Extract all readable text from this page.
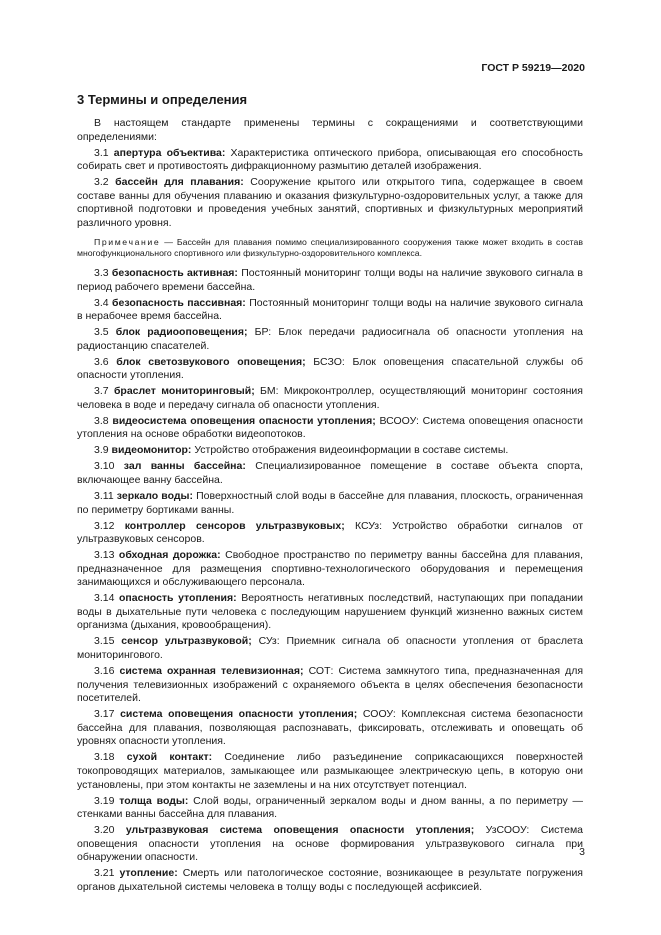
ГОСТ Р 59219—2020
3 Термины и определения

В настоящем стандарте применены термины с сокращениями и соответствующими определениями:

3.1 апертура объектива: Характеристика оптического прибора, описывающая его способность собирать свет и противостоять дифракционному размытию деталей изображения.

3.2 бассейн для плавания: Сооружение крытого или открытого типа, содержащее в своем составе ванны для обучения плаванию и оказания физкультурно-оздоровительных услуг, а также для спортивной подготовки и проведения учебных занятий, спортивных и физкультурных мероприятий различного уровня.

Примечание — Бассейн для плавания помимо специализированного сооружения также может входить в состав многофункционального спортивного или физкультурно-оздоровительного комплекса.

3.3 безопасность активная: Постоянный мониторинг толщи воды на наличие звукового сигнала в период рабочего времени бассейна.

3.4 безопасность пассивная: Постоянный мониторинг толщи воды на наличие звукового сигнала в нерабочее время бассейна.

3.5 блок радиооповещения; БР: Блок передачи радиосигнала об опасности утопления на радиостанцию спасателей.

3.6 блок светозвукового оповещения; БСЗО: Блок оповещения спасательной службы об опасности утопления.

3.7 браслет мониторинговый; БМ: Микроконтроллер, осуществляющий мониторинг состояния человека в воде и передачу сигнала об опасности утопления.

3.8 видеосистема оповещения опасности утопления; ВСООУ: Система оповещения опасности утопления на основе обработки видеопотоков.

3.9 видеомонитор: Устройство отображения видеоинформации в составе системы.

3.10 зал ванны бассейна: Специализированное помещение в составе объекта спорта, включающее ванну бассейна.

3.11 зеркало воды: Поверхностный слой воды в бассейне для плавания, плоскость, ограниченная по периметру бортиками ванны.

3.12 контроллер сенсоров ультразвуковых; КСУз: Устройство обработки сигналов от ультразвуковых сенсоров.

3.13 обходная дорожка: Свободное пространство по периметру ванны бассейна для плавания, предназначенное для размещения спортивно-технологического оборудования и перемещения занимающихся и обслуживающего персонала.

3.14 опасность утопления: Вероятность негативных последствий, наступающих при попадании воды в дыхательные пути человека с последующим нарушением функций жизненно важных систем организма (дыхания, кровообращения).

3.15 сенсор ультразвуковой; СУз: Приемник сигнала об опасности утопления от браслета мониторингового.

3.16 система охранная телевизионная; СОТ: Система замкнутого типа, предназначенная для получения телевизионных изображений с охраняемого объекта в целях обеспечения безопасности посетителей.

3.17 система оповещения опасности утопления; СООУ: Комплексная система безопасности бассейна для плавания, позволяющая распознавать, фиксировать, отслеживать и оповещать об уровнях опасности утопления.

3.18 сухой контакт: Соединение либо разъединение соприкасающихся поверхностей токопроводящих материалов, замыкающее или размыкающее электрическую цепь, в которую они установлены, при этом контакты не заземлены и на них отсутствует потенциал.

3.19 толща воды: Слой воды, ограниченный зеркалом воды и дном ванны, а по периметру — стенками ванны бассейна для плавания.

3.20 ультразвуковая система оповещения опасности утопления; УзСООУ: Система оповещения опасности утопления на основе формирования ультразвукового сигнала при обнаружении опасности.

3.21 утопление: Смерть или патологическое состояние, возникающее в результате погружения органов дыхательной системы человека в толщу воды с последующей асфиксией.

3
